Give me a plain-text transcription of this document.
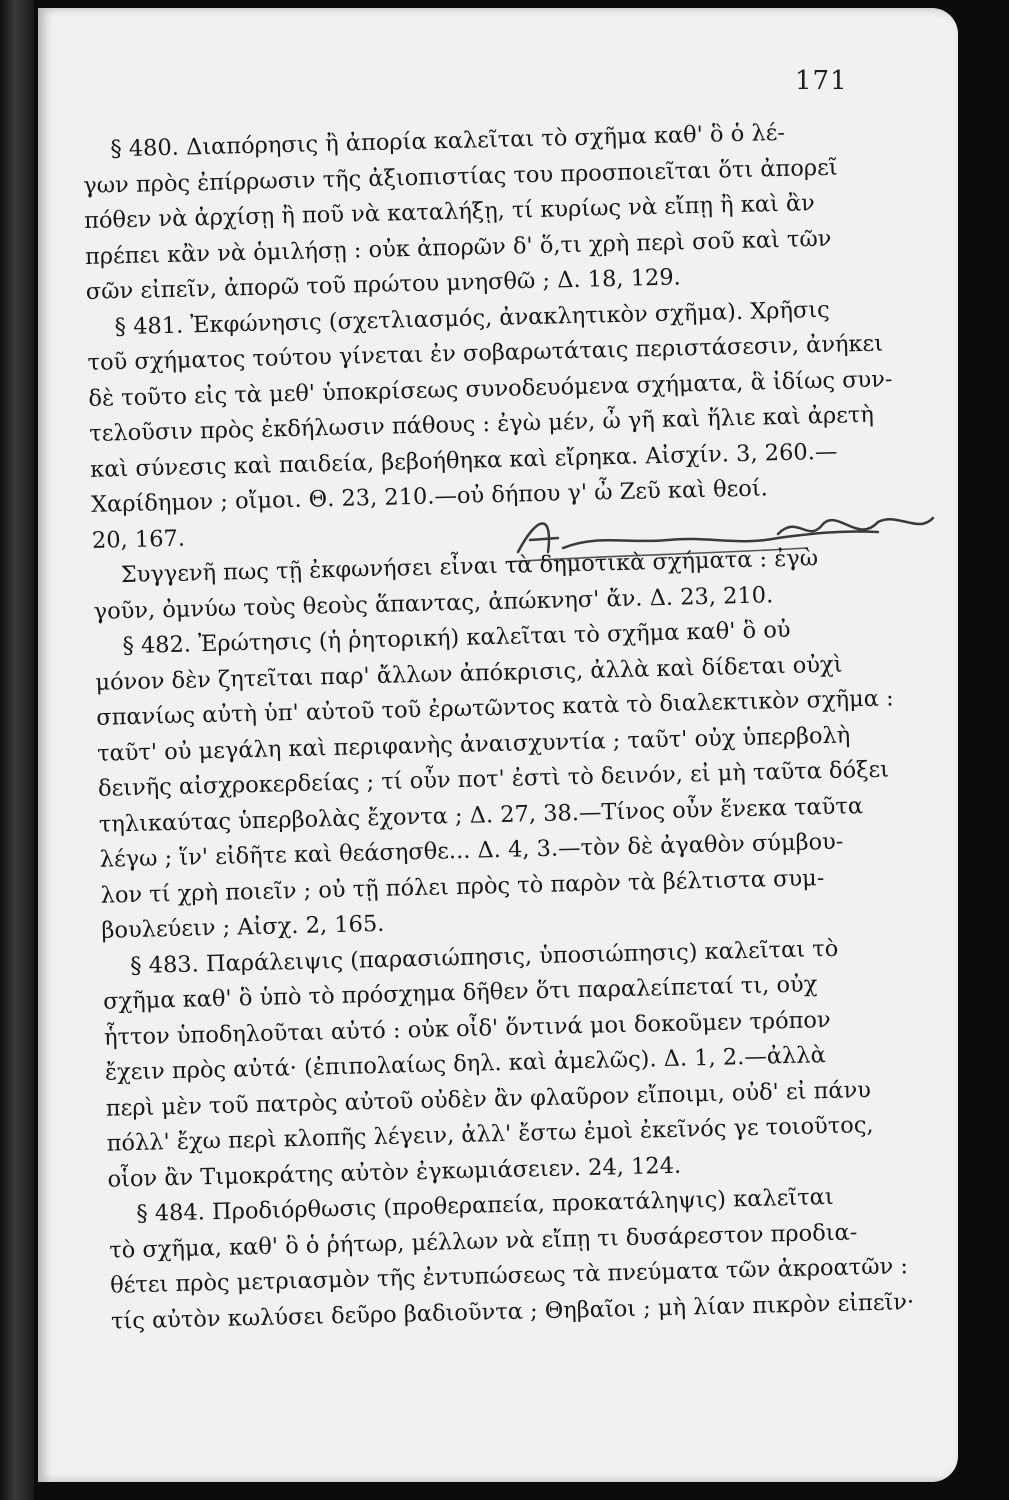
171
§ 480. Διαπόρησις ἢ ἀπορία καλεῖται τὸ σχῆμα καθ' ὃ ὁ λέ-
γων πρὸς ἐπίρρωσιν τῆς ἀξιοπιστίας του προσποιεῖται ὅτι ἀπορεῖ
πόθεν νὰ ἀρχίσῃ ἢ ποῦ νὰ καταλήξῃ, τί κυρίως νὰ εἴπῃ ἢ καὶ ἂν
πρέπει κἂν νὰ ὁμιλήσῃ : οὐκ ἀπορῶν δ' ὅ,τι χρὴ περὶ σοῦ καὶ τῶν
σῶν εἰπεῖν, ἀπορῶ τοῦ πρώτου μνησθῶ ; Δ. 18, 129.
§ 481. Ἐκφώνησις (σχετλιασμός, ἀνακλητικὸν σχῆμα). Χρῆσις
τοῦ σχήματος τούτου γίνεται ἐν σοβαρωτάταις περιστάσεσιν, ἀνήκει
δὲ τοῦτο εἰς τὰ μεθ' ὑποκρίσεως συνοδευόμενα σχήματα, ἃ ἰδίως συν-
τελοῦσιν πρὸς ἐκδήλωσιν πάθους : ἐγὼ μέν, ὦ γῆ καὶ ἥλιε καὶ ἀρετὴ
καὶ σύνεσις καὶ παιδεία, βεβοήθηκα καὶ εἴρηκα. Αἰσχίν. 3, 260.—
Χαρίδημον ; οἴμοι. Θ. 23, 210.—οὐ δήπου γ' ὦ Ζεῦ καὶ θεοί.
20, 167.
Συγγενῆ πως τῇ ἐκφωνήσει εἶναι τὰ δημοτικὰ σχήματα : ἐγὼ
γοῦν, ὀμνύω τοὺς θεοὺς ἅπαντας, ἀπώκνησ' ἄν. Δ. 23, 210.
§ 482. Ἐρώτησις (ἡ ῥητορική) καλεῖται τὸ σχῆμα καθ' ὃ οὐ
μόνον δὲν ζητεῖται παρ' ἄλλων ἀπόκρισις, ἀλλὰ καὶ δίδεται οὐχὶ
σπανίως αὐτὴ ὑπ' αὐτοῦ τοῦ ἐρωτῶντος κατὰ τὸ διαλεκτικὸν σχῆμα :
ταῦτ' οὐ μεγάλη καὶ περιφανὴς ἀναισχυντία ; ταῦτ' οὐχ ὑπερβολὴ
δεινῆς αἰσχροκερδείας ; τί οὖν ποτ' ἐστὶ τὸ δεινόν, εἰ μὴ ταῦτα δόξει
τηλικαύτας ὑπερβολὰς ἔχοντα ; Δ. 27, 38.—Τίνος οὖν ἕνεκα ταῦτα
λέγω ; ἵν' εἰδῆτε καὶ θεάσησθε... Δ. 4, 3.—τὸν δὲ ἀγαθὸν σύμβου-
λον τί χρὴ ποιεῖν ; οὐ τῇ πόλει πρὸς τὸ παρὸν τὰ βέλτιστα συμ-
βουλεύειν ; Αἰσχ. 2, 165.
§ 483. Παράλειψις (παρασιώπησις, ὑποσιώπησις) καλεῖται τὸ
σχῆμα καθ' ὃ ὑπὸ τὸ πρόσχημα δῆθεν ὅτι παραλείπεταί τι, οὐχ
ἧττον ὑποδηλοῦται αὐτό : οὐκ οἶδ' ὅντινά μοι δοκοῦμεν τρόπον
ἔχειν πρὸς αὐτά· (ἐπιπολαίως δηλ. καὶ ἀμελῶς). Δ. 1, 2.—ἀλλὰ
περὶ μὲν τοῦ πατρὸς αὐτοῦ οὐδὲν ἂν φλαῦρον εἴποιμι, οὐδ' εἰ πάνυ
πόλλ' ἔχω περὶ κλοπῆς λέγειν, ἀλλ' ἔστω ἐμοὶ ἐκεῖνός γε τοιοῦτος,
οἷον ἂν Τιμοκράτης αὐτὸν ἐγκωμιάσειεν. 24, 124.
§ 484. Προδιόρθωσις (προθεραπεία, προκατάληψις) καλεῖται
τὸ σχῆμα, καθ' ὃ ὁ ῥήτωρ, μέλλων νὰ εἴπῃ τι δυσάρεστον προδια-
θέτει πρὸς μετριασμὸν τῆς ἐντυπώσεως τὰ πνεύματα τῶν ἀκροατῶν :
τίς αὐτὸν κωλύσει δεῦρο βαδιοῦντα ; Θηβαῖοι ; μὴ λίαν πικρὸν εἰπεῖν·
